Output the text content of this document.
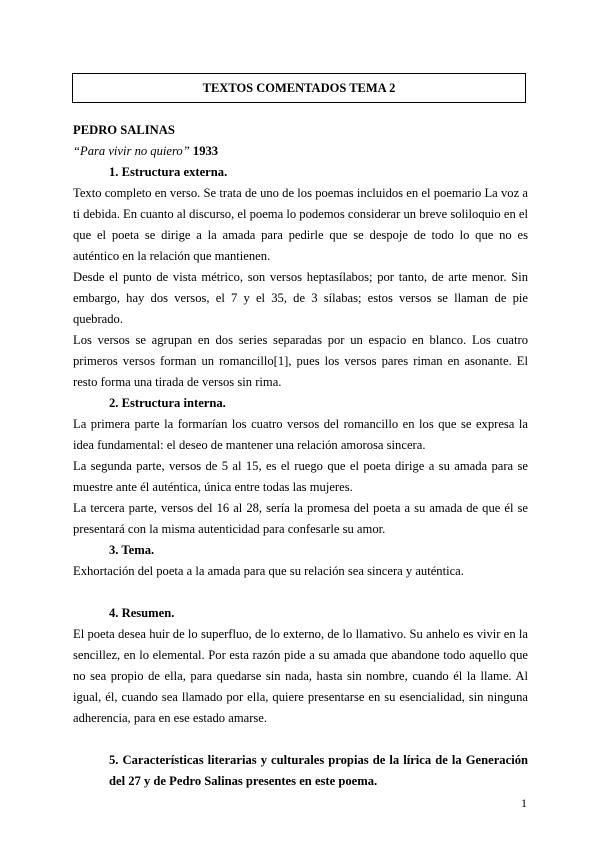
TEXTOS COMENTADOS TEMA 2

PEDRO SALINAS

“Para vivir no quiero” 1933

1. Estructura externa.

Texto completo en verso. Se trata de uno de los poemas incluidos en el poemario La voz a ti debida. En cuanto al discurso, el poema lo podemos considerar un breve soliloquio en el que el poeta se dirige a la amada para pedirle que se despoje de todo lo que no es auténtico en la relación que mantienen.

Desde el punto de vista métrico, son versos heptasílabos; por tanto, de arte menor. Sin embargo, hay dos versos, el 7 y el 35, de 3 sílabas; estos versos se llaman de pie quebrado.

Los versos se agrupan en dos series separadas por un espacio en blanco. Los cuatro primeros versos forman un romancillo[1], pues los versos pares riman en asonante. El resto forma una tirada de versos sin rima.

2. Estructura interna.

La primera parte la formarían los cuatro versos del romancillo en los que se expresa la idea fundamental: el deseo de mantener una relación amorosa sincera.

La segunda parte, versos de 5 al 15, es el ruego que el poeta dirige a su amada para se muestre ante él auténtica, única entre todas las mujeres.

La tercera parte, versos del 16 al 28, sería la promesa del poeta a su amada de que él se presentará con la misma autenticidad para confesarle su amor.

3. Tema.

Exhortación del poeta a la amada para que su relación sea sincera y auténtica.

4. Resumen.

El poeta desea huir de lo superfluo, de lo externo, de lo llamativo. Su anhelo es vivir en la sencillez, en lo elemental. Por esta razón pide a su amada que abandone todo aquello que no sea propio de ella, para quedarse sin nada, hasta sin nombre, cuando él la llame. Al igual, él, cuando sea llamado por ella, quiere presentarse en su esencialidad, sin ninguna adherencia, para en ese estado amarse.

5. Características literarias y culturales propias de la lírica de la Generación del 27 y de Pedro Salinas presentes en este poema.

1
